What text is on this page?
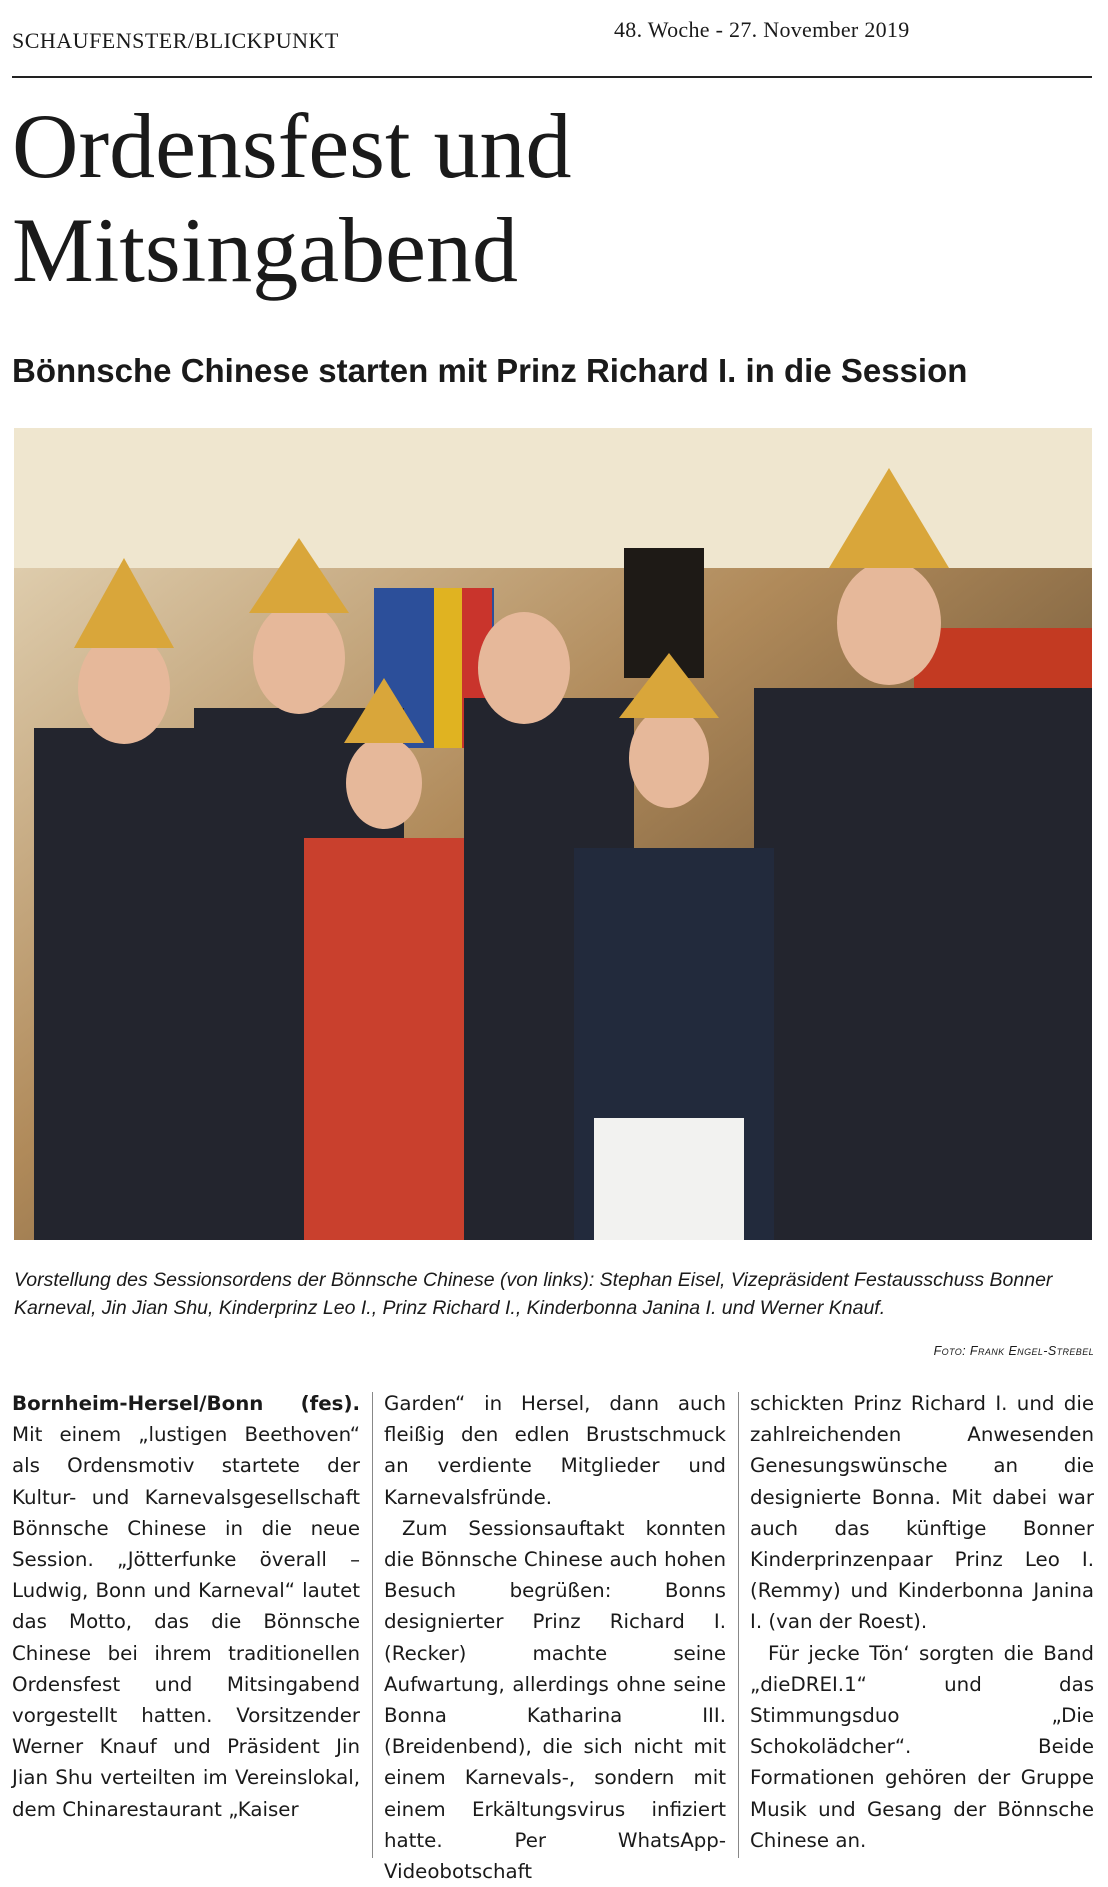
SCHAUFENSTER/BLICKPUNKT	48. Woche - 27. November 2019
Ordensfest und
Mitsingabend
Bönnsche Chinese starten mit Prinz Richard I. in die Session
Vorstellung des Sessionsordens der Bönnsche Chinese (von links): Stephan Eisel, Vizepräsident Festausschuss Bonner Karneval, Jin Jian Shu, Kinderprinz Leo I., Prinz Richard I., Kinderbonna Janina I. und Werner Knauf.
Foto: Frank Engel-Strebel

Bornheim-Hersel/Bonn (fes). Mit einem „lustigen Beethoven“ als Ordensmotiv startete der Kultur- und Karnevalsgesellschaft Bönnsche Chinese in die neue Session. „Jötterfunke överall – Ludwig, Bonn und Karneval“ lautet das Motto, das die Bönnsche Chinese bei ihrem traditionellen Ordensfest und Mitsingabend vorgestellt hatten. Vorsitzender Werner Knauf und Präsident Jin Jian Shu verteilten im Vereinslokal, dem Chinarestaurant „Kaiser

Garden“ in Hersel, dann auch fleißig den edlen Brustschmuck an verdiente Mitglieder und Karnevalsfründe.

Zum Sessionsauftakt konnten die Bönnsche Chinese auch hohen Besuch begrüßen: Bonns designierter Prinz Richard I. (Recker) machte seine Aufwartung, allerdings ohne seine Bonna Katharina III. (Breidenbend), die sich nicht mit einem Karnevals-, sondern mit einem Erkältungsvirus infiziert hatte. Per WhatsApp-Videobotschaft

schickten Prinz Richard I. und die zahlreichenden Anwesenden Genesungswünsche an die designierte Bonna. Mit dabei war auch das künftige Bonner Kinderprinzenpaar Prinz Leo I. (Remmy) und Kinderbonna Janina I. (van der Roest).

Für jecke Tön‘ sorgten die Band „dieDREI.1“ und das Stimmungsduo „Die Schokolädcher“. Beide Formationen gehören der Gruppe Musik und Gesang der Bönnsche Chinese an.
